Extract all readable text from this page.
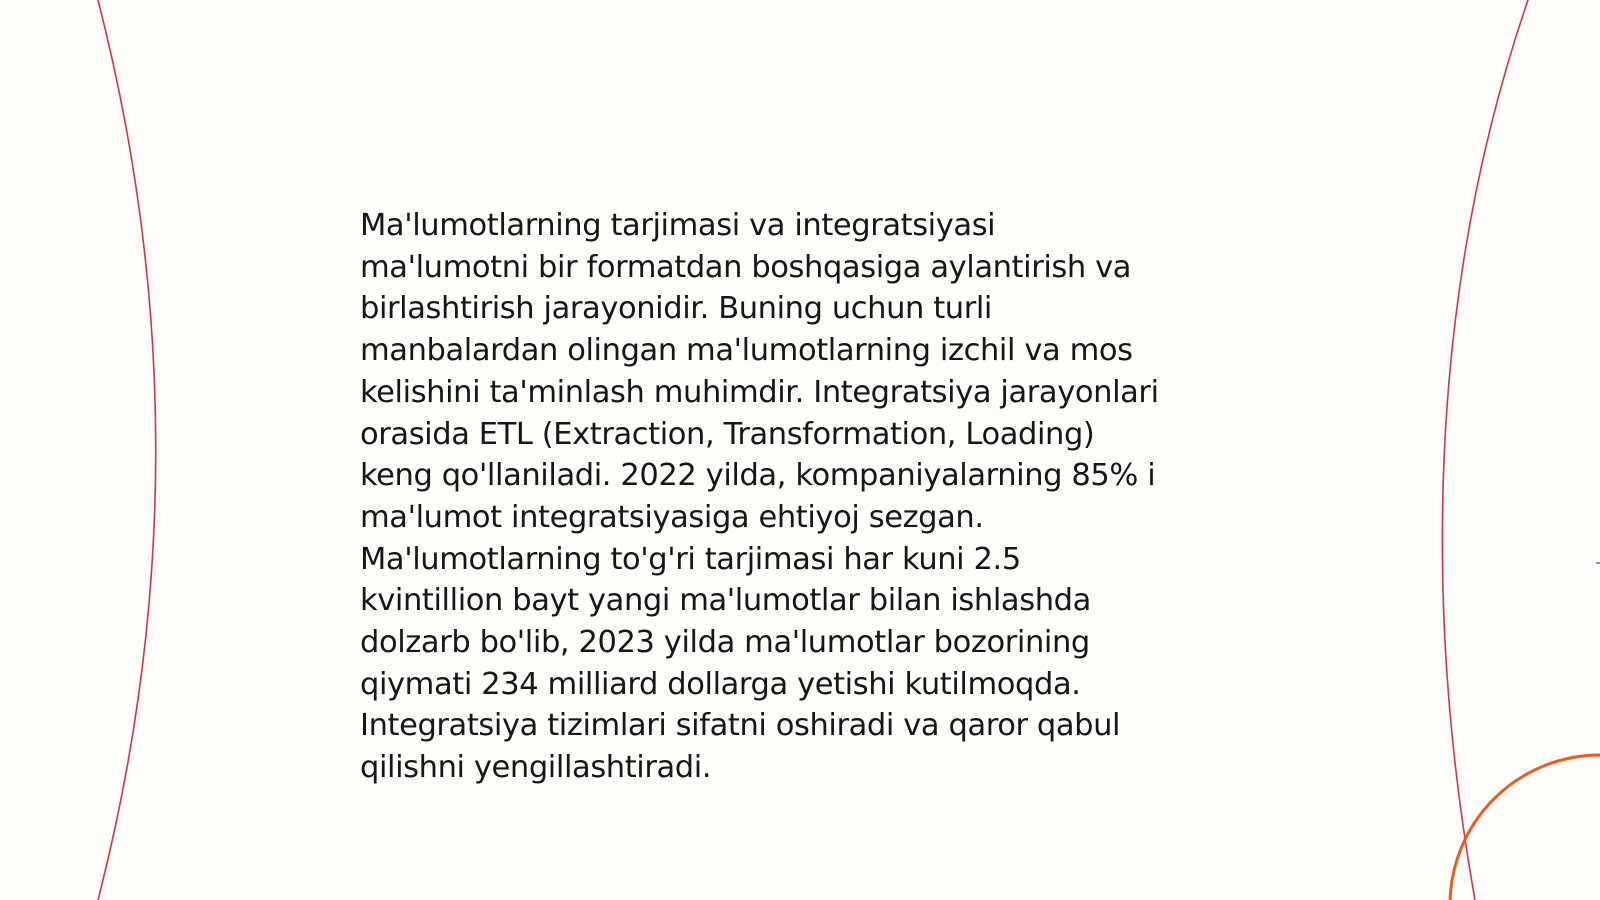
Ma'lumotlarning tarjimasi va integratsiyasi
ma'lumotni bir formatdan boshqasiga aylantirish va
birlashtirish jarayonidir. Buning uchun turli
manbalardan olingan ma'lumotlarning izchil va mos
kelishini ta'minlash muhimdir. Integratsiya jarayonlari
orasida ETL (Extraction, Transformation, Loading)
keng qo'llaniladi. 2022 yilda, kompaniyalarning 85% i
ma'lumot integratsiyasiga ehtiyoj sezgan.
Ma'lumotlarning to'g'ri tarjimasi har kuni 2.5
kvintillion bayt yangi ma'lumotlar bilan ishlashda
dolzarb bo'lib, 2023 yilda ma'lumotlar bozorining
qiymati 234 milliard dollarga yetishi kutilmoqda.
Integratsiya tizimlari sifatni oshiradi va qaror qabul
qilishni yengillashtiradi.
